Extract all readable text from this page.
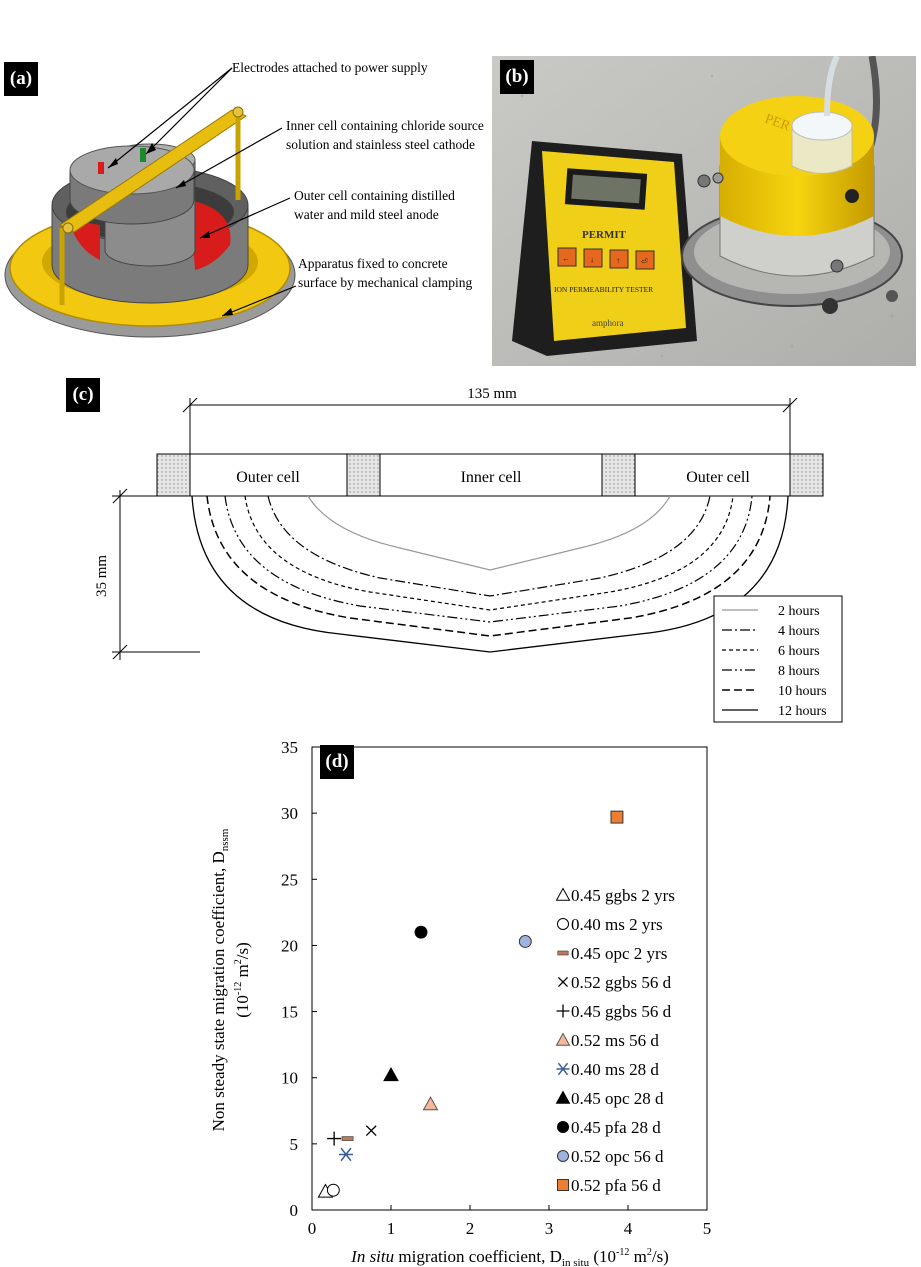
(a)
Electrodes attached to power supply
Inner cell containing chloride source solution and stainless steel cathode
Outer cell containing distilled water and mild steel anode
Apparatus fixed to concrete surface by mechanical clamping
PERMIT
←	↓	↑	⏎
ION PERMEABILITY TESTER
amphora
PER
(b)
(c)	135 mm
Outer cell	Inner cell	Outer cell
35 mm
2 hours
4 hours
6 hours
8 hours
10 hours
12 hours
0
5
10
15
20
25
30
35
0	1	2	3	4	5
0.45 ggbs 2 yrs
0.40 ms 2 yrs
0.45 opc 2 yrs
0.52 ggbs 56 d
0.45 ggbs 56 d
0.52 ms 56 d
0.40 ms 28 d
0.45 opc 28 d
0.45 pfa 28 d
0.52 opc 56 d
0.52 pfa 56 d
In situ migration coefficient, $D_{in situ}$ ($10^{-12}$ $m^2/s$)
Non steady state migration coefficient, $D_{nssm}$
($10^{-12}$ $m^2/s$)
(d)
